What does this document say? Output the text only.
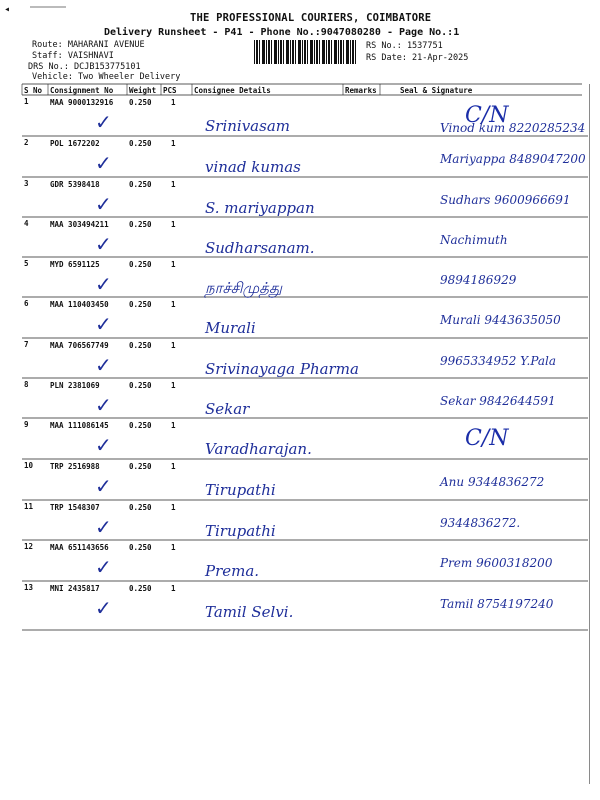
◂
THE PROFESSIONAL COURIERS, COIMBATORE
Delivery Runsheet - P41 - Phone No.:9047080280 - Page No.:1
Route: MAHARANI AVENUE
Staff: VAISHNAVI
DRS No.: DCJB153775101
Vehicle: Two Wheeler Delivery
RS No.: 1537751
RS Date: 21-Apr-2025
S No Consignment No Weight PCS Consignee Details	Remarks	Seal & Signature
1	MAA 9000132916 0.250	1
✓	Srinivasam	C/N
Vinod kum 8220285234
2	POL 1672202	0.250	1
✓	vinad kumas	Mariyappa 8489047200
3	GDR 5398418	0.250	1
✓	S. mariyappan	Sudhars 9600966691
4	MAA 303494211	0.250	1
✓	Sudharsanam.	Nachimuth
5	MYD 6591125	0.250	1
✓	நாச்சிமுத்து	9894186929
6	MAA 110403450	0.250	1
✓	Murali	Murali 9443635050
7	MAA 706567749	0.250	1
✓	Srivinayaga Pharma	9965334952 Y.Pala
8	PLN 2381069	0.250	1
✓	Sekar	Sekar 9842644591
9	MAA 111086145	0.250	1
✓	Varadharajan.	C/N
10 TRP 2516988	0.250	1
✓	Tirupathi	Anu 9344836272
11 TRP 1548307	0.250	1
✓	Tirupathi	9344836272.
12 MAA 651143656	0.250	1
✓	Prema.	Prem 9600318200
13 MNI 2435817	0.250	1
✓	Tamil Selvi.	Tamil 8754197240
